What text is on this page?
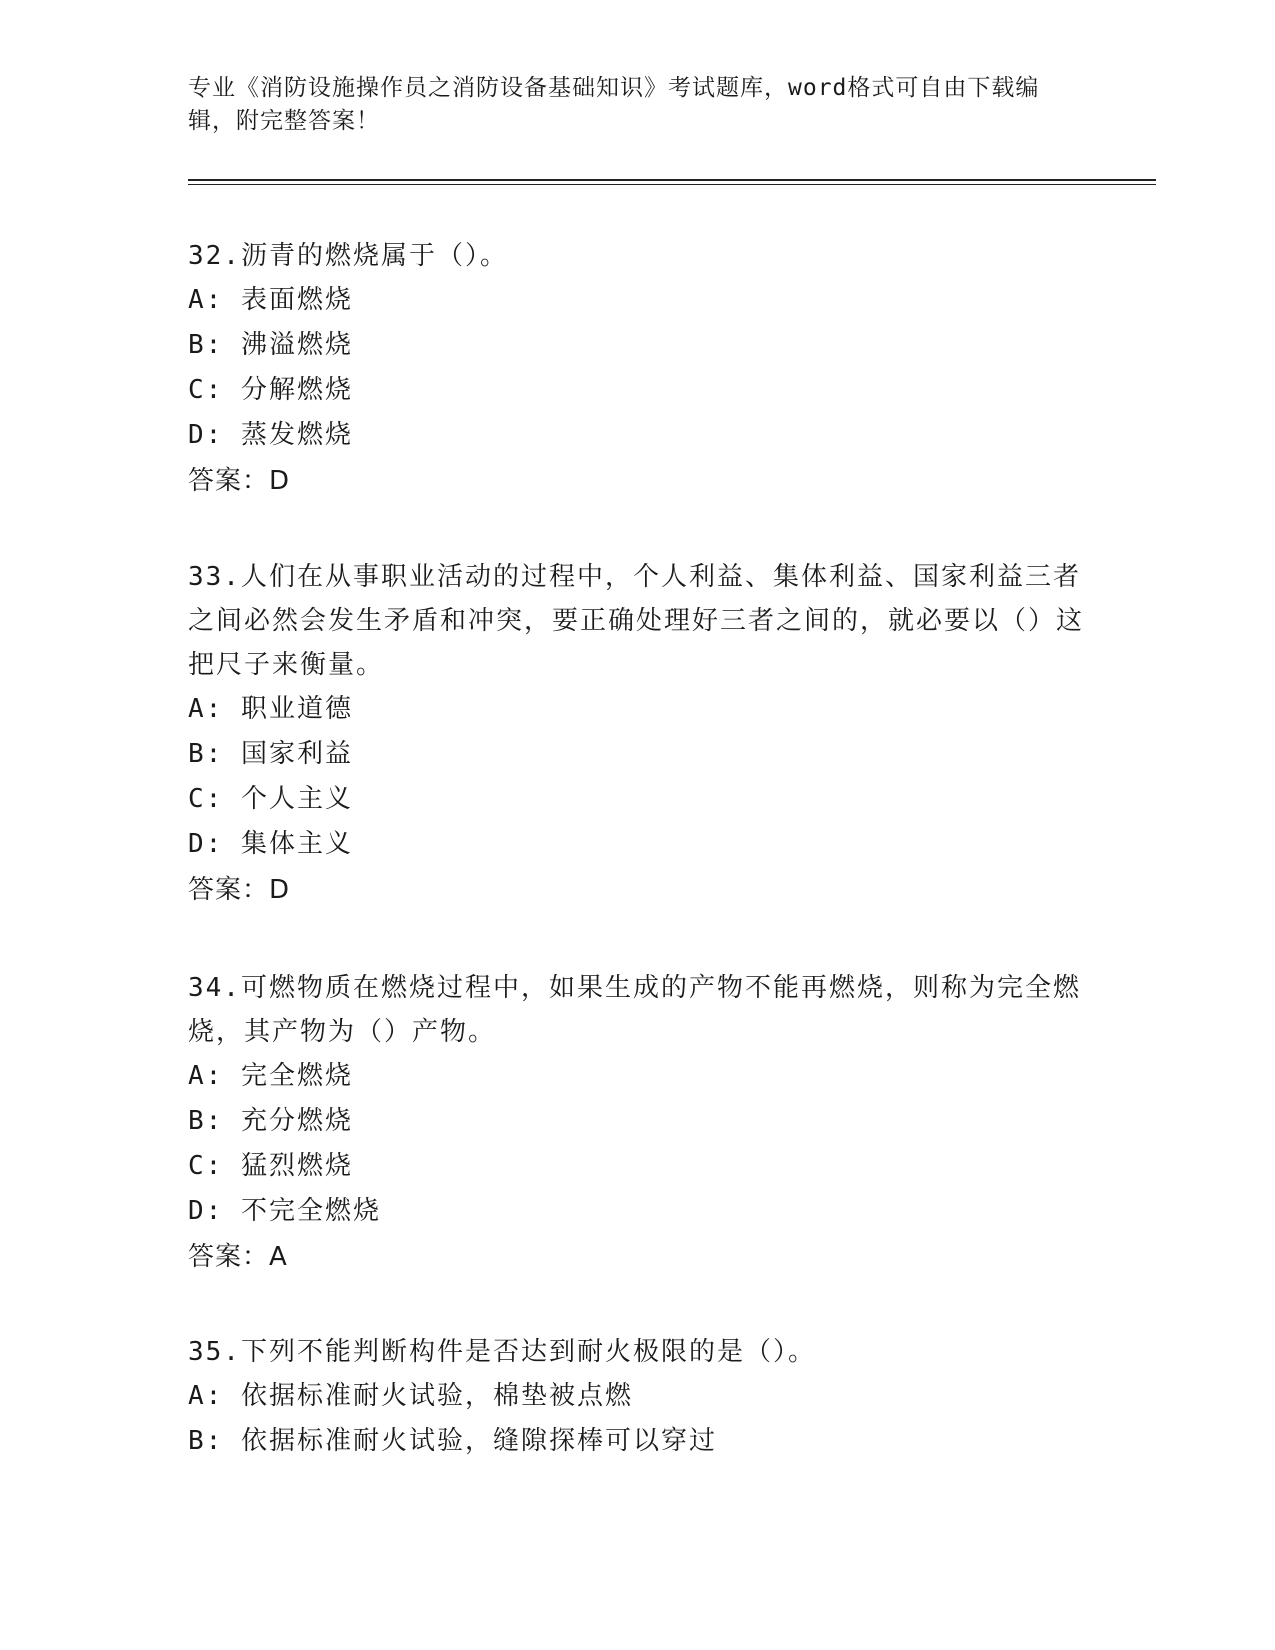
专业《消防设施操作员之消防设备基础知识》考试题库，word格式可自由下载编辑，附完整答案！
32.沥青的燃烧属于（）。
A: 表面燃烧
B: 沸溢燃烧
C: 分解燃烧
D: 蒸发燃烧
答案：D
33.人们在从事职业活动的过程中，个人利益、集体利益、国家利益三者之间必然会发生矛盾和冲突，要正确处理好三者之间的，就必要以（）这把尺子来衡量。
A: 职业道德
B: 国家利益
C: 个人主义
D: 集体主义
答案：D
34.可燃物质在燃烧过程中，如果生成的产物不能再燃烧，则称为完全燃烧，其产物为（）产物。
A: 完全燃烧
B: 充分燃烧
C: 猛烈燃烧
D: 不完全燃烧
答案：A
35.下列不能判断构件是否达到耐火极限的是（）。
A: 依据标准耐火试验，棉垫被点燃
B: 依据标准耐火试验，缝隙探棒可以穿过
